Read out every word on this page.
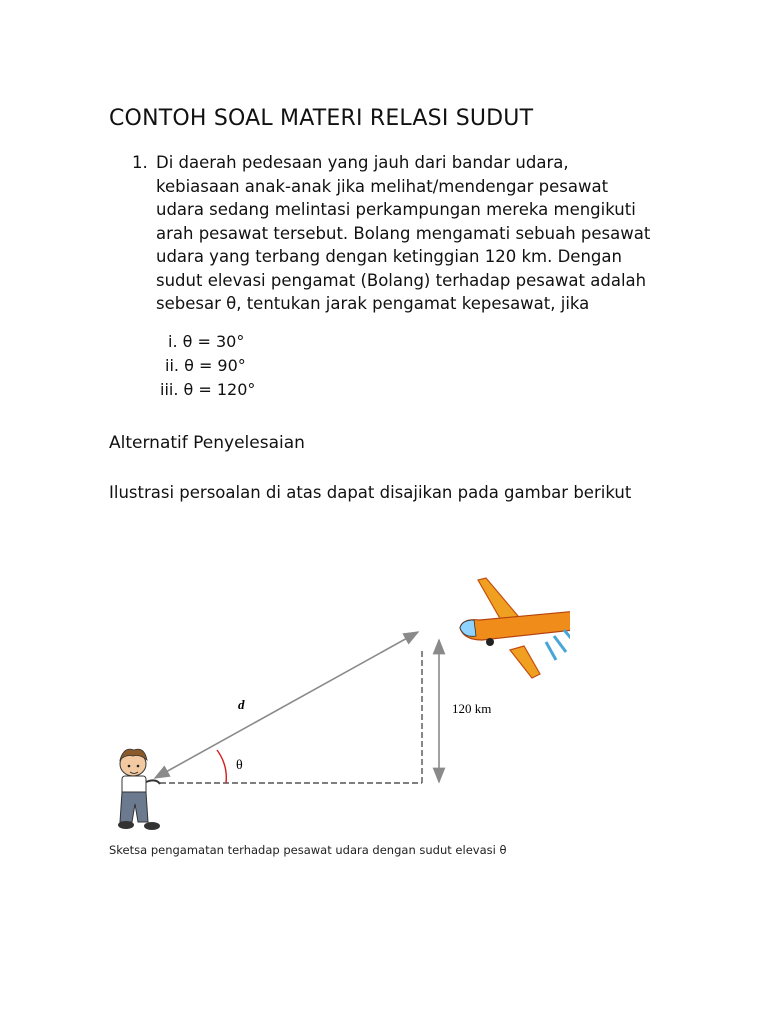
CONTOH SOAL MATERI RELASI SUDUT
1. Di daerah pedesaan yang jauh dari bandar udara, kebiasaan anak-anak jika melihat/mendengar pesawat udara sedang melintasi perkampungan mereka mengikuti arah pesawat tersebut. Bolang mengamati sebuah pesawat udara yang terbang dengan ketinggian 120 km. Dengan sudut elevasi pengamat (Bolang) terhadap pesawat adalah sebesar θ, tentukan jarak pengamat kepesawat, jika
i. θ = 30°
ii. θ = 90°
iii. θ = 120°
Alternatif Penyelesaian
Ilustrasi persoalan di atas dapat disajikan pada gambar berikut
d	120 km
θ
Sketsa pengamatan terhadap pesawat udara dengan sudut elevasi θ
